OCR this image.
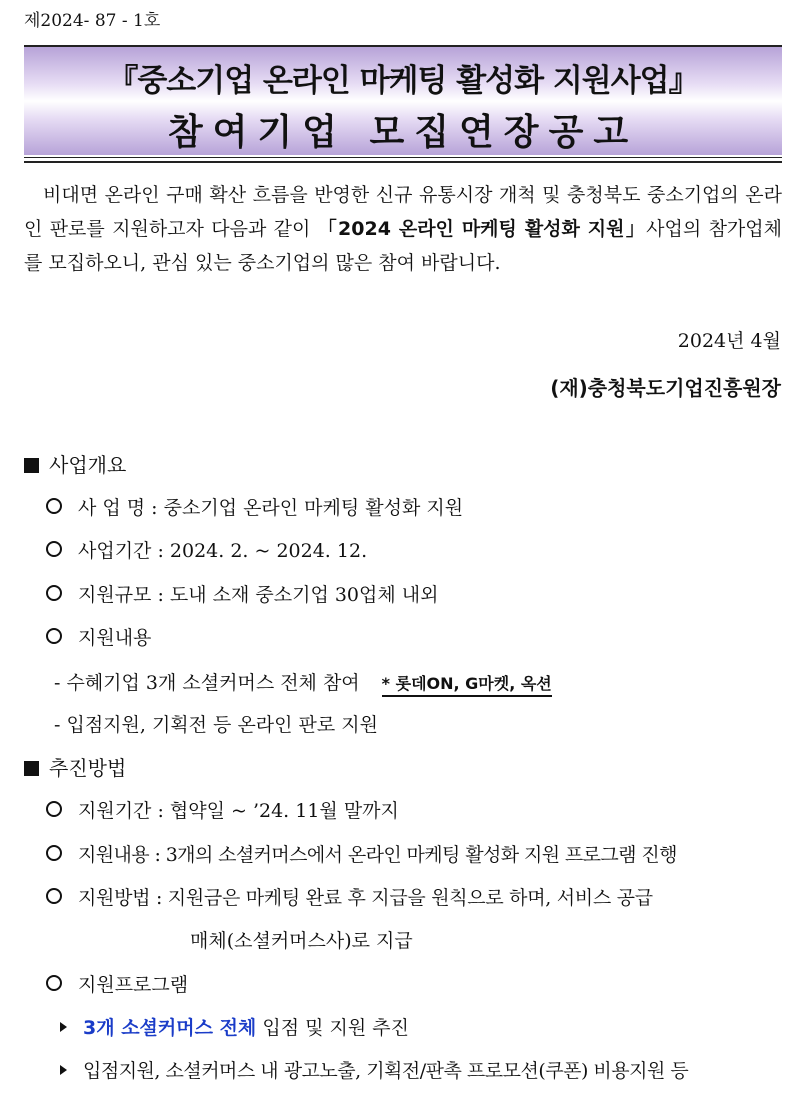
제2024- 87 - 1호
『중소기업 온라인 마케팅 활성화 지원사업』
참여기업 모집연장공고
비대면 온라인 구매 확산 흐름을 반영한 신규 유통시장 개척 및 충청북도 중소기업의 온라인 판로를 지원하고자 다음과 같이 「2024 온라인 마케팅 활성화 지원」사업의 참가업체를 모집하오니, 관심 있는 중소기업의 많은 참여 바랍니다.
2024년 4월
(재)충청북도기업진흥원장
사업개요
사 업 명 : 중소기업 온라인 마케팅 활성화 지원
사업기간 : 2024. 2. ~ 2024. 12.
지원규모 : 도내 소재 중소기업 30업체 내외
지원내용
- 수혜기업 3개 소셜커머스 전체 참여 * 롯데ON, G마켓, 옥션
- 입점지원, 기획전 등 온라인 판로 지원
추진방법
지원기간 : 협약일 ~ ’24. 11월 말까지
지원내용 : 3개의 소셜커머스에서 온라인 마케팅 활성화 지원 프로그램 진행
지원방법 : 지원금은 마케팅 완료 후 지급을 원칙으로 하며, 서비스 공급
매체(소셜커머스사)로 지급
지원프로그램
3개 소셜커머스 전체 입점 및 지원 추진
입점지원, 소셜커머스 내 광고노출, 기획전/판촉 프로모션(쿠폰) 비용지원 등
